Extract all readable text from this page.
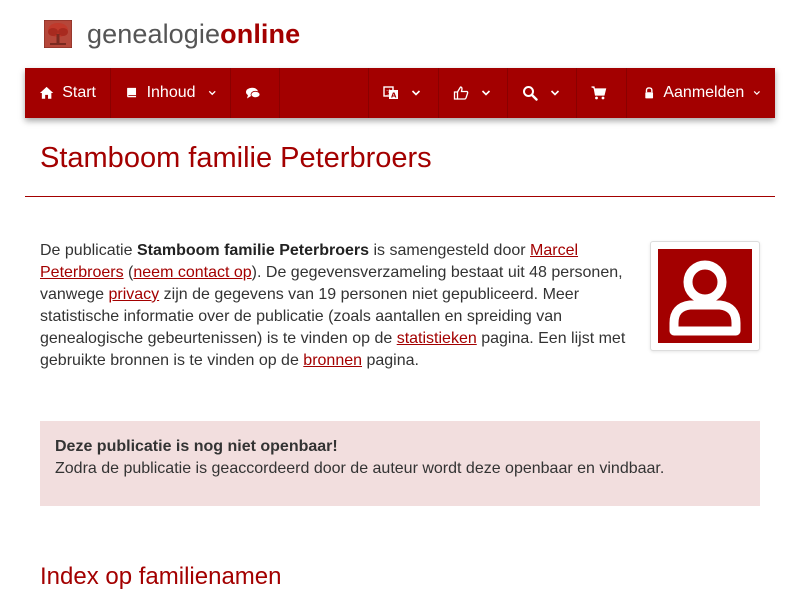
genealogieonline
Start	Inhoud	文
A	Aanmelden
Stamboom familie Peterbroers

De publicatie Stamboom familie Peterbroers is samengesteld door Marcel Peterbroers (neem contact op). De gegevensverzameling bestaat uit 48 personen, vanwege privacy zijn de gegevens van 19 personen niet gepubliceerd. Meer statistische informatie over de publicatie (zoals aantallen en spreiding van genealogische gebeurtenissen) is te vinden op de statistieken pagina. Een lijst met gebruikte bronnen is te vinden op de bronnen pagina.

Deze publicatie is nog niet openbaar!
Zodra de publicatie is geaccordeerd door de auteur wordt deze openbaar en vindbaar.
Index op familienamen
